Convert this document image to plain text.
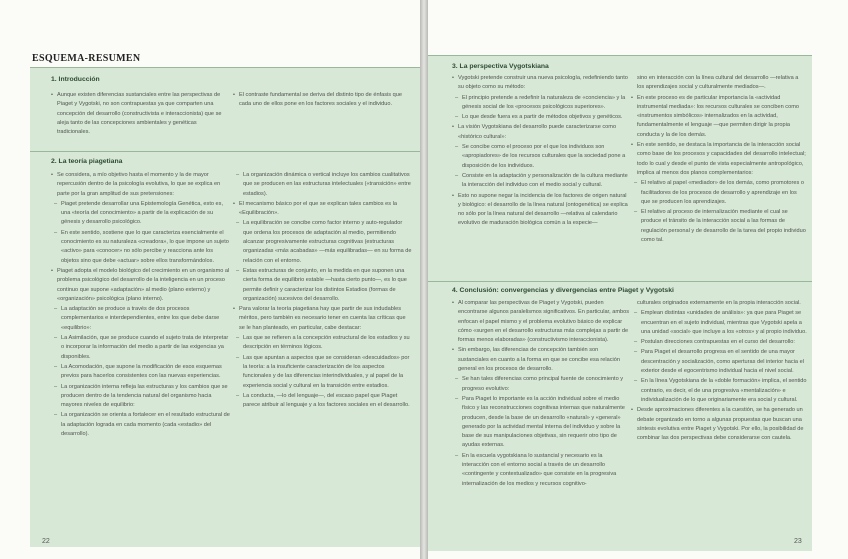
ESQUEMA-RESUMEN
1. Introducción

• Aunque existen diferencias sustanciales entre las perspectivas de Piaget y Vygotski, no son contrapuestas ya que comparten una concepción del desarrollo (constructivista e interaccionista) que se aleja tanto de las concepciones ambientales y genéticas tradicionales.

• El contraste fundamental se deriva del distinto tipo de énfasis que cada uno de ellos pone en los factores sociales y el individuo.

2. La teoría piagetiana

• Se considera, a mío objetivo hasta el momento y la de mayor repercusión dentro de la psicología evolutiva, lo que se explica en parte por la gran amplitud de sus pretensiones:

– Piaget pretende desarrollar una Epistemología Genética, esto es, una «teoría del conocimiento» a partir de la explicación de su génesis y desarrollo psicológico.

– En este sentido, sostiene que lo que caracteriza esencialmente el conocimiento es su naturaleza «creadora», lo que impone un sujeto «activo» para «conocer» no sólo percibe y reacciona ante los objetos sino que debe «actuar» sobre ellos transformándolos.

• Piaget adopta el modelo biológico del crecimiento en un organismo al problema psicológico del desarrollo de la inteligencia en un proceso continuo que supone «adaptación» al medio (plano externo) y «organización» psicológica (plano interno).

– La adaptación se produce a través de dos procesos complementarios e interdependientes, entre los que debe darse «equilibrio»:

– La Asimilación, que se produce cuando el sujeto trata de interpretar o incorporar la información del medio a partir de las exigencias ya disponibles.

– La Acomodación, que supone la modificación de esos esquemas previos para hacerlos consistentes con las nuevas experiencias.

– La organización interna refleja las estructuras y los cambios que se producen dentro de la tendencia natural del organismo hacia mayores niveles de equilibrio:

– La organización se orienta a fortalecer en el resultado estructural de la adaptación lograda en cada momento (cada «estadio» del desarrollo).

– La organización dinámica o vertical incluye los cambios cualitativos que se producen en las estructuras intelectuales («transición» entre estadios).

• El mecanismo básico por el que se explican tales cambios es la «Equilibración».

– La equilibración se concibe como factor interno y auto-regulador que ordena los procesos de adaptación al medio, permitiendo alcanzar progresivamente estructuras cognitivas (estructuras organizadas «más acabadas» —más equilibradas— en su forma de relación con el entorno.

– Estas estructuras de conjunto, en la medida en que suponen una cierta forma de equilibrio estable —hasta cierto punto—, es lo que permite definir y caracterizar los distintos Estadios (formas de organización) sucesivos del desarrollo.

• Para valorar la teoría piagetiana hay que partir de sus indudables méritos, pero también es necesario tener en cuenta las críticas que se le han planteado, en particular, cabe destacar:

– Las que se refieren a la concepción estructural de los estadios y su descripción en términos lógicos.

– Las que apuntan a aspectos que se consideran «descuidados» por la teoría: a la insuficiente caracterización de los aspectos funcionales y de las diferencias interindividuales, y al papel de la experiencia social y cultural en la transición entre estadios.

– La conducta, —lo del lenguaje—, del escaso papel que Piaget parece atribuir al lenguaje y a los factores sociales en el desarrollo.

22
3. La perspectiva Vygotskiana

• Vygotski pretende construir una nueva psicología, redefiniendo tanto su objeto como su método:

– El principio pretende a redefinir la naturaleza de «conciencia» y la génesis social de los «procesos psicológicos superiores».

– Lo que desde fuera es a partir de métodos objetivos y genéticos.

• La visión Vygotskiana del desarrollo puede caracterizarse como «histórico cultural»:

– Se concibe como el proceso por el que los individuos son «apropiadores» de los recursos culturales que la sociedad pone a disposición de los individuos.

– Consiste en la adaptación y personalización de la cultura mediante la interacción del individuo con el medio social y cultural.

• Esto no supone negar la incidencia de los factores de origen natural y biológico: el desarrollo de la línea natural (ontogenética) se explica no sólo por la línea natural del desarrollo —relativa al calendario evolutivo de maduración biológica común a la especie—

sino en interacción con la línea cultural del desarrollo —relativa a los aprendizajes social y culturalmente mediados—.

• En este proceso es de particular importancia la «actividad instrumental mediada»: los recursos culturales se conciben como «instrumentos simbólicos» internalizados en la actividad, fundamentalmente el lenguaje —que permiten dirigir la propia conducta y la de los demás.

• En este sentido, se destaca la importancia de la interacción social como base de los procesos y capacidades del desarrollo intelectual; todo lo cual y desde el punto de vista especialmente antropológico, implica al menos dos planos complementarios:

– El relativo al papel «mediador» de los demás, como promotores o facilitadores de los procesos de desarrollo y aprendizaje en los que se producen los aprendizajes.

– El relativo al proceso de internalización mediante el cual se produce el tránsito de la interacción social a las formas de regulación personal y de desarrollo de la tarea del propio individuo como tal.

4. Conclusión: convergencias y divergencias entre Piaget y Vygotski

• Al comparar las perspectivas de Piaget y Vygotski, pueden encontrarse algunos paralelismos significativos. En particular, ambos enfocan el papel mismo y el problema evolutivo básico de explicar cómo «surgen en el desarrollo estructuras más complejas a partir de formas menos elaboradas» (constructivismo interaccionista).

• Sin embargo, las diferencias de concepción también son sustanciales en cuanto a la forma en que se concibe esa relación general en los procesos de desarrollo.

– Se han tales diferencias como principal fuente de conocimiento y progreso evolutivo:

– Para Piaget lo importante es la acción individual sobre el medio físico y las reconstrucciones cognitivas internas que naturalmente producen, desde la base de un desarrollo «natural» y «general» generado por la actividad mental interna del individuo y sobre la base de sus manipulaciones objetivas, sin requerir otro tipo de ayudas externas.

– En la escuela vygotskiana lo sustancial y necesario es la interacción con el entorno social a través de un desarrollo «contingente y contextualizado» que consiste en la progresiva internalización de los medios y recursos cognitivo-

culturales originados externamente en la propia interacción social.

– Emplean distintas «unidades de análisis»: ya que para Piaget se encuentran en el sujeto individual, mientras que Vygotski apela a una unidad «social» que incluye a los «otros» y al propio individuo.

– Postulan direcciones contrapuestas en el curso del desarrollo:

– Para Piaget el desarrollo progresa en el sentido de una mayor descentración y socialización, como aperturas del interior hacia el exterior desde el egocentrismo individual hacia el nivel social.

– En la línea Vygotskiana de la «doble formación» implica, el sentido contrario, es decir, el de una progresiva «mentalización» e individualización de lo que originariamente era social y cultural.

• Desde aproximaciones diferentes a la cuestión, se ha generado un debate organizado en torno a algunas propuestas que buscan una síntesis evolutiva entre Piaget y Vygotski. Por ello, la posibilidad de combinar las dos perspectivas debe considerarse con cautela.

23
